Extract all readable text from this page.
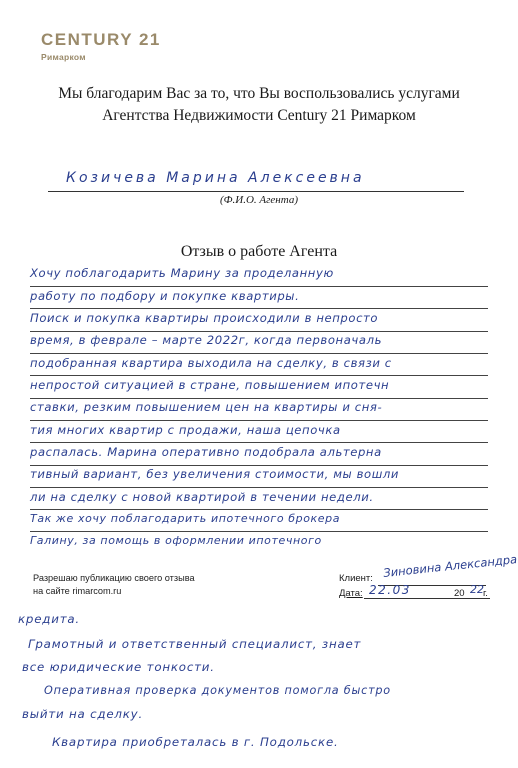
CENTURY 21
Римарком
Мы благодарим Вас за то, что Вы воспользовались услугами
Агентства Недвижимости Century 21 Римарком
Козичева Марина Алексеевна
(Ф.И.О. Агента)
Отзыв о работе Агента
Хочу поблагодарить Марину за проделанную
работу по подбору и покупке квартиры.
Поиск и покупка квартиры происходили в непросто
время, в феврале – марте 2022г, когда первоначаль
подобранная квартира выходила на сделку, в связи с
непростой ситуацией в стране, повышением ипотечн
ставки, резким повышением цен на квартиры и сня-
тия многих квартир с продажи, наша цепочка
распалась. Марина оперативно подобрала альтерна
тивный вариант, без увеличения стоимости, мы вошли
ли на сделку с новой квартирой в течении недели.
Так же хочу поблагодарить ипотечного брокера
Галину, за помощь в оформлении ипотечного
Разрешаю публикацию своего отзыва
на сайте rimarcom.ru
Клиент: Зиновина Александра
Дата: 22.03	20 22 г.
кредита.
Грамотный и ответственный специалист, знает
все юридические тонкости.
Оперативная проверка документов помогла быстро
выйти на сделку.
Квартира приобреталась в г. Подольске.
